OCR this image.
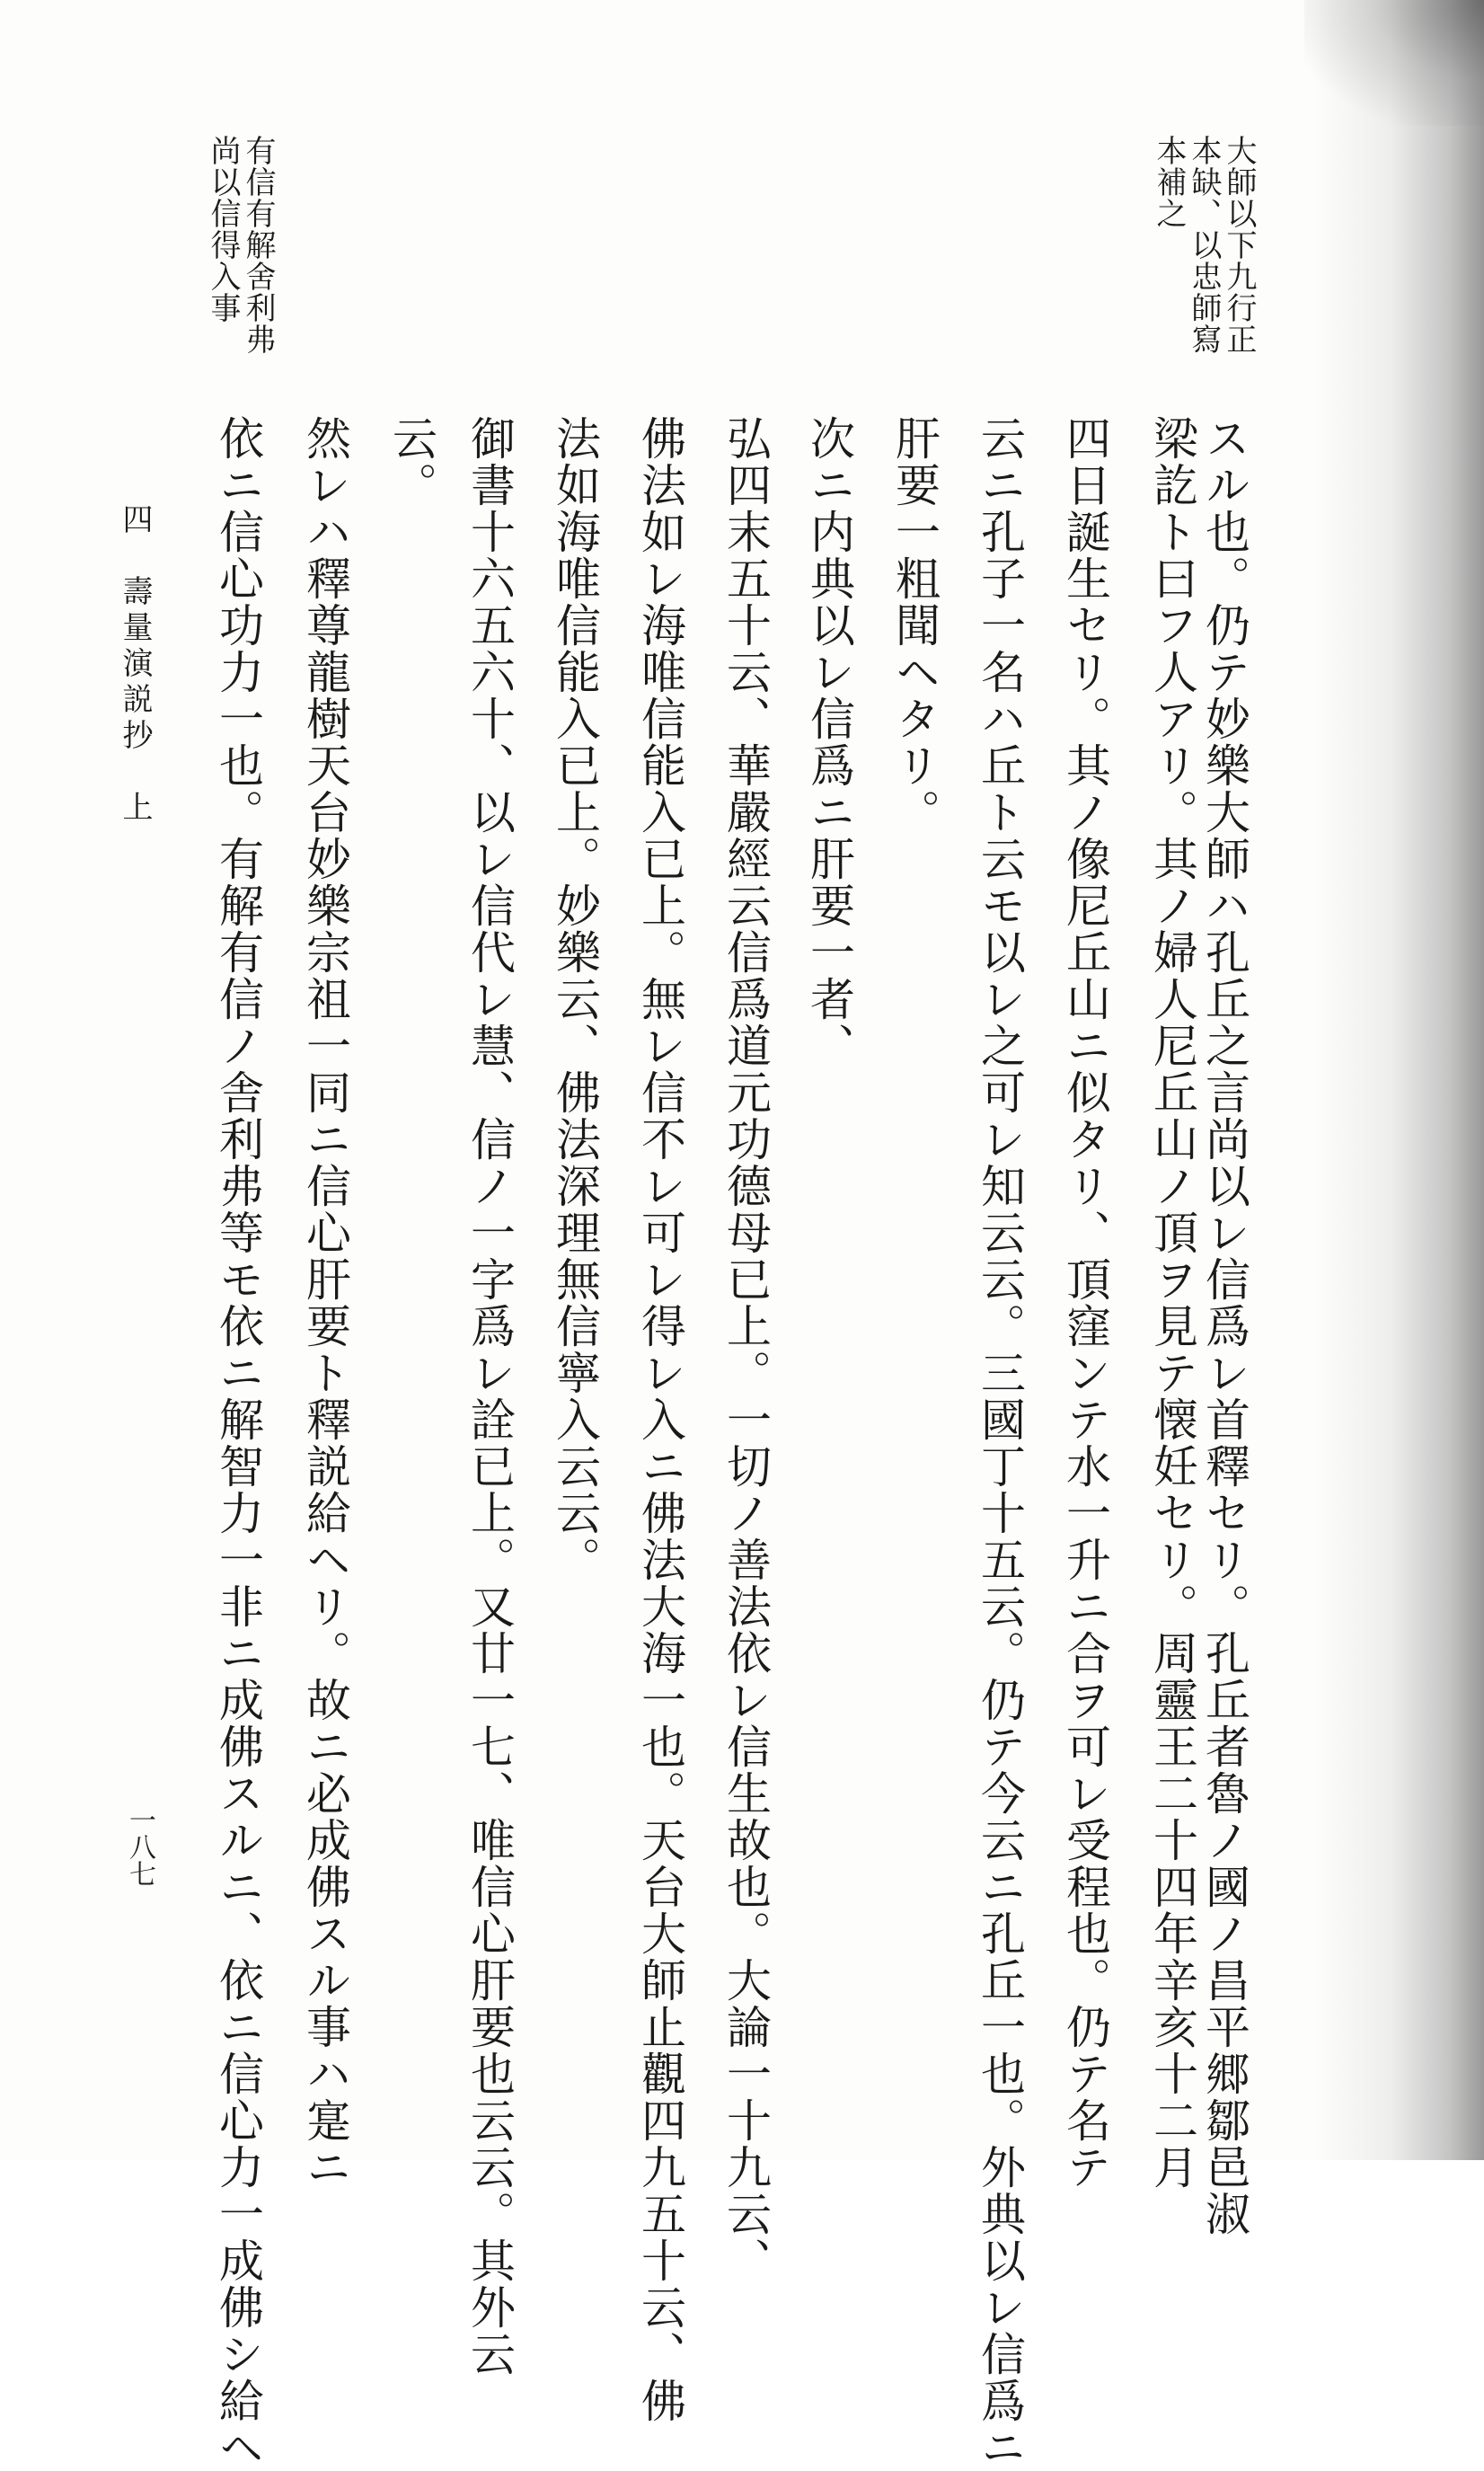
大師以下九行正
本缺、以忠師寫
本補之
有信有解舍利弗
尚以信得入事
スル也。仍テ妙樂大師ハ孔丘之言尚以レ信爲レ首釋セリ。孔丘者魯ノ國ノ昌平郷鄒邑淑
梁訖ト曰フ人アリ。其ノ婦人尼丘山ノ頂ヲ見テ懐妊セリ。周靈王二十四年辛亥十二月
四日誕生セリ。其ノ像尼丘山ニ似タリ、頂窪ンテ水一升ニ合ヲ可レ受程也。仍テ名テ
云ニ孔子一名ハ丘ト云モ以レ之可レ知云云。三國丁十五云。仍テ今云ニ孔丘一也。外典以レ信爲ニ
肝要一粗聞ヘタリ。
次ニ内典以レ信爲ニ肝要一者、
弘四末五十云、華嚴經云信爲道元功德母已上。一切ノ善法依レ信生故也。大論一十九云、
佛法如レ海唯信能入已上。無レ信不レ可レ得レ入ニ佛法大海一也。天台大師止觀四九五十云、佛
法如海唯信能入已上。妙樂云、佛法深理無信寧入云云。
御書十六五六十、以レ信代レ慧、信ノ一字爲レ詮已上。又廿一七、唯信心肝要也云云。其外云
云。
然レハ釋尊龍樹天台妙樂宗祖一同ニ信心肝要ト釋説給ヘリ。故ニ必成佛スル事ハ寔ニ
依ニ信心功力一也。有解有信ノ舎利弗等モ依ニ解智力一非ニ成佛スルニ、依ニ信心力一成佛シ給ヘ
四　壽量演説抄　上
一八七
